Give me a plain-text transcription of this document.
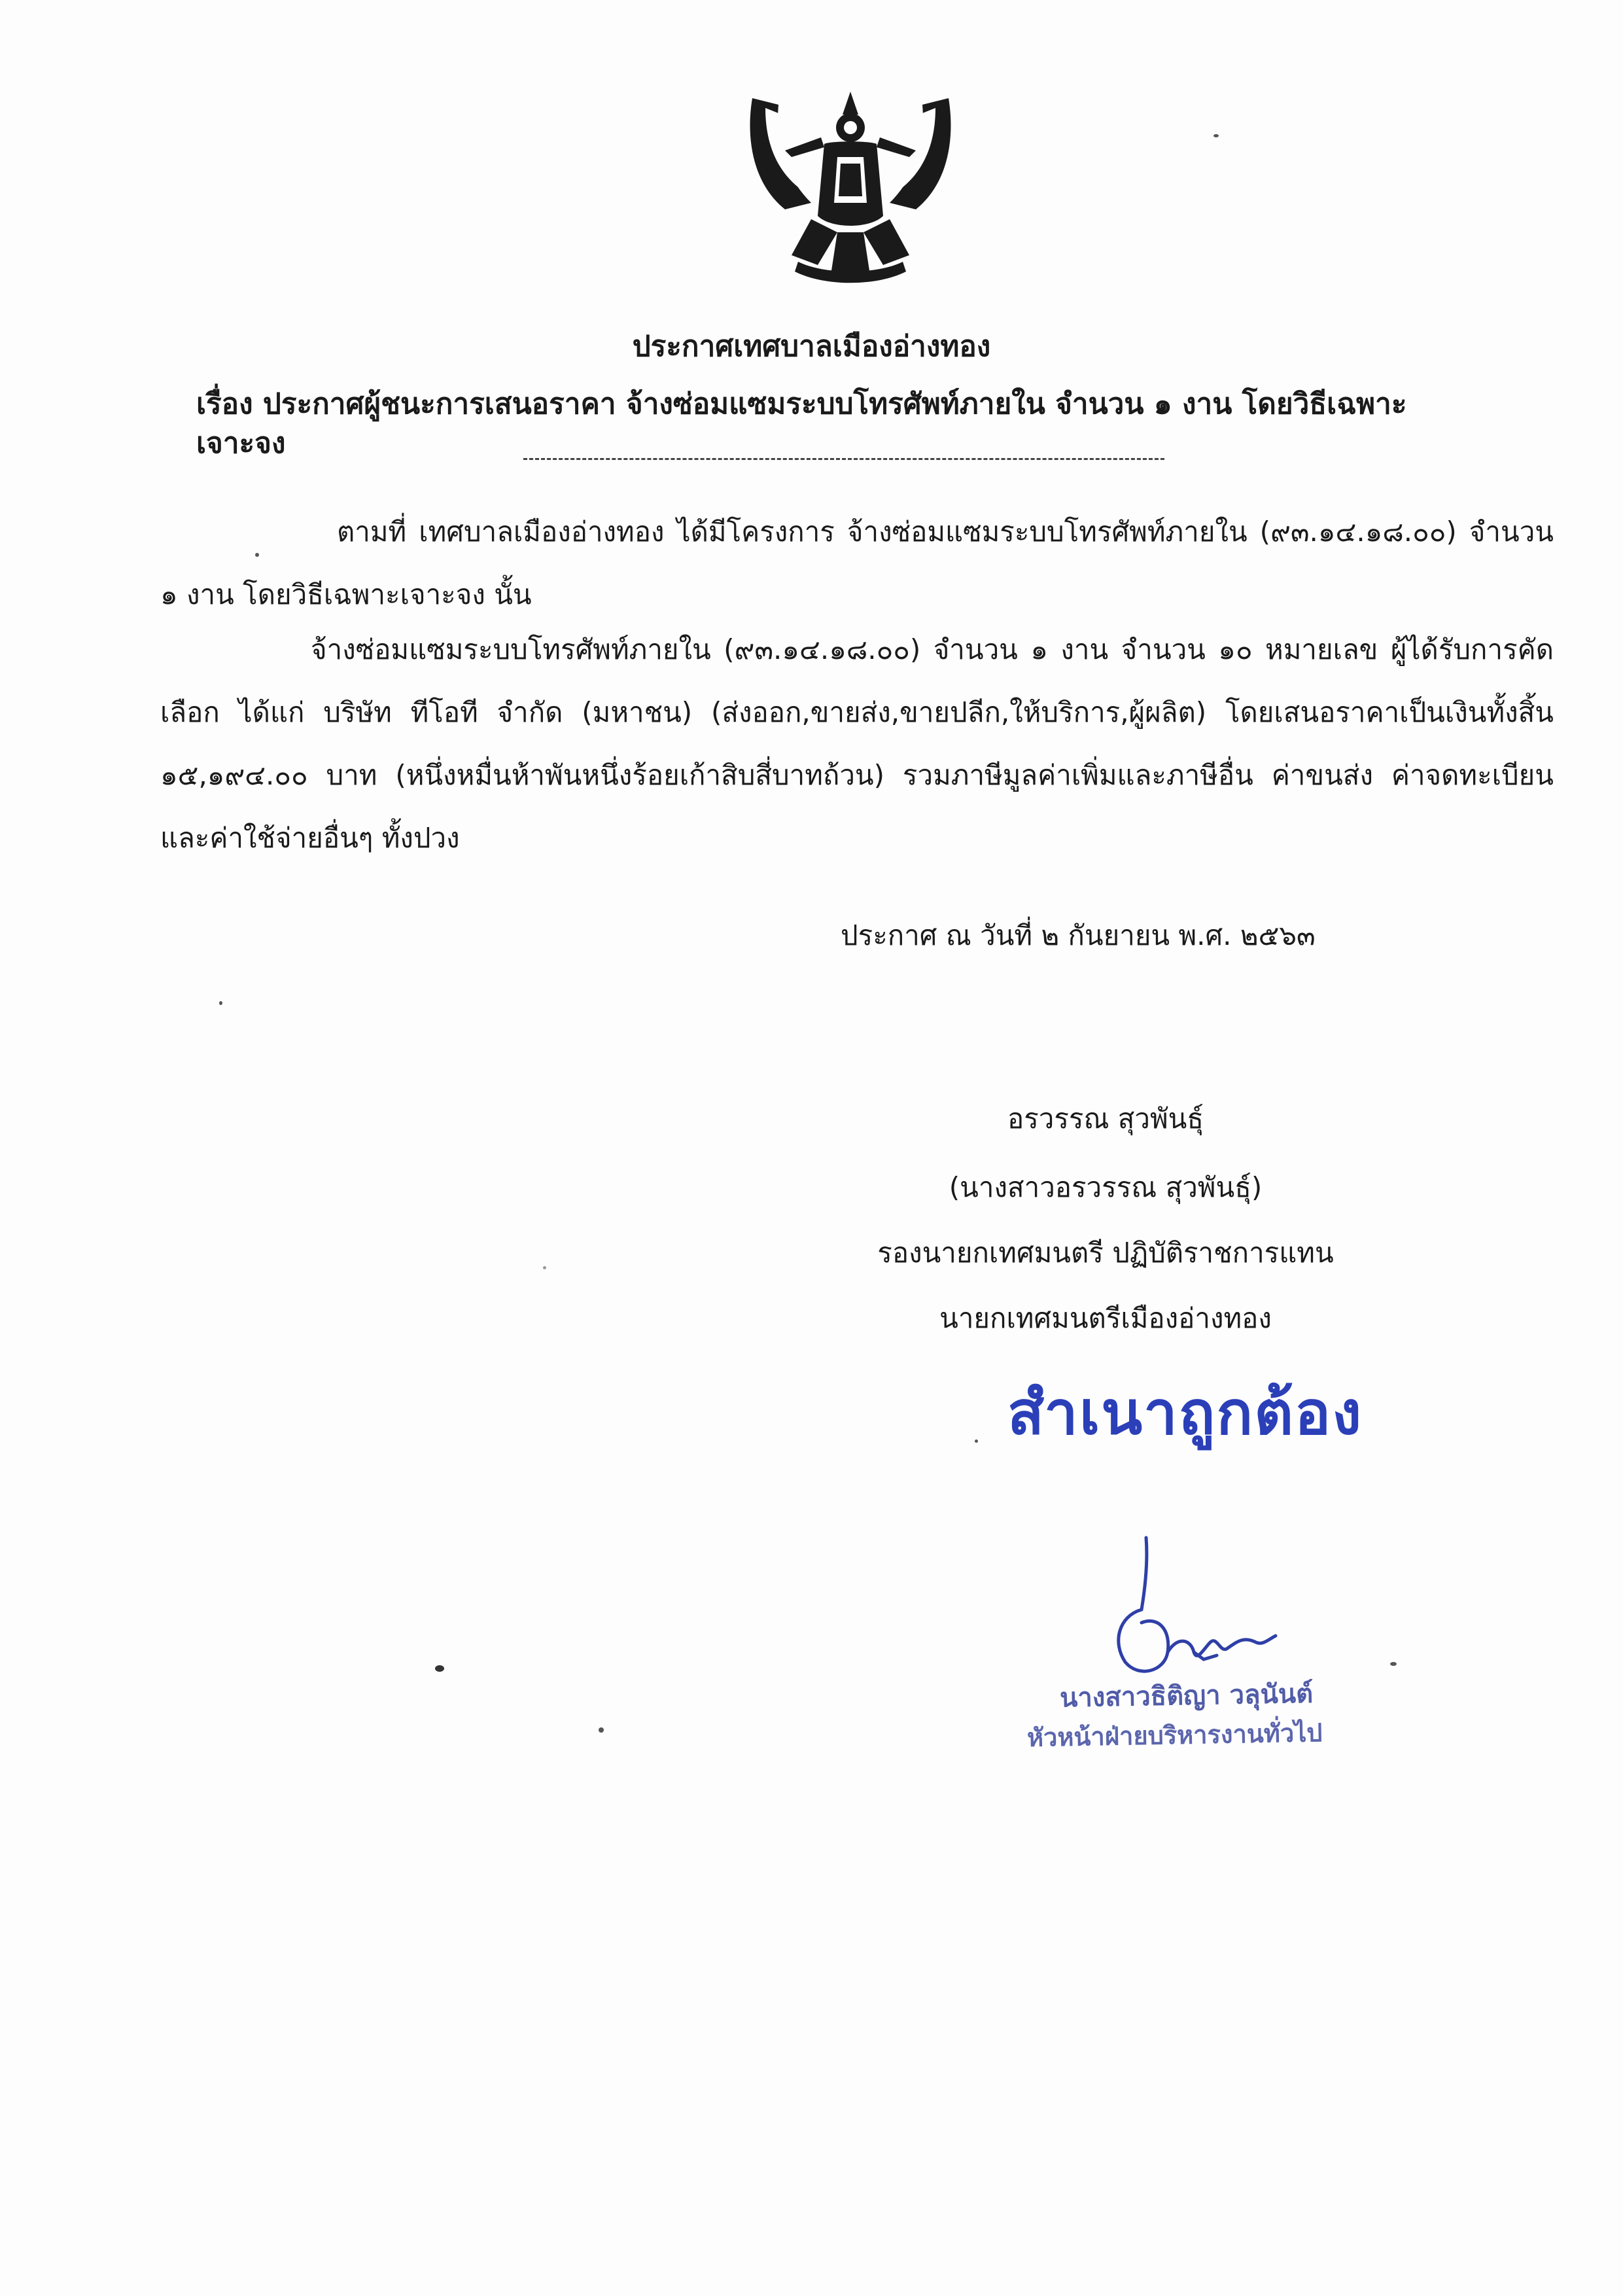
ประกาศเทศบาลเมืองอ่างทอง
เรื่อง ประกาศผู้ชนะการเสนอราคา จ้างซ่อมแซมระบบโทรศัพท์ภายใน จำนวน ๑ งาน โดยวิธีเฉพาะเจาะจง
ตามที่ เทศบาลเมืองอ่างทอง ได้มีโครงการ จ้างซ่อมแซมระบบโทรศัพท์ภายใน (๙๓.๑๔.๑๘.๐๐) จำนวน ๑ งาน โดยวิธีเฉพาะเจาะจง นั้น
จ้างซ่อมแซมระบบโทรศัพท์ภายใน (๙๓.๑๔.๑๘.๐๐) จำนวน ๑ งาน จำนวน ๑๐ หมายเลข ผู้ได้รับการคัดเลือก ได้แก่ บริษัท ทีโอที จำกัด (มหาชน) (ส่งออก,ขายส่ง,ขายปลีก,ให้บริการ,ผู้ผลิต) โดยเสนอราคาเป็นเงินทั้งสิ้น ๑๕,๑๙๔.๐๐ บาท (หนึ่งหมื่นห้าพันหนึ่งร้อยเก้าสิบสี่บาทถ้วน) รวมภาษีมูลค่าเพิ่มและภาษีอื่น ค่าขนส่ง ค่าจดทะเบียน และค่าใช้จ่ายอื่นๆ ทั้งปวง
ประกาศ ณ วันที่ ๒ กันยายน พ.ศ. ๒๕๖๓
อรวรรณ สุวพันธุ์
(นางสาวอรวรรณ สุวพันธุ์)
รองนายกเทศมนตรี ปฏิบัติราชการแทน
นายกเทศมนตรีเมืองอ่างทอง
สำเนาถูกต้อง
นางสาวธิติญา วลุนันต์
หัวหน้าฝ่ายบริหารงานทั่วไป
